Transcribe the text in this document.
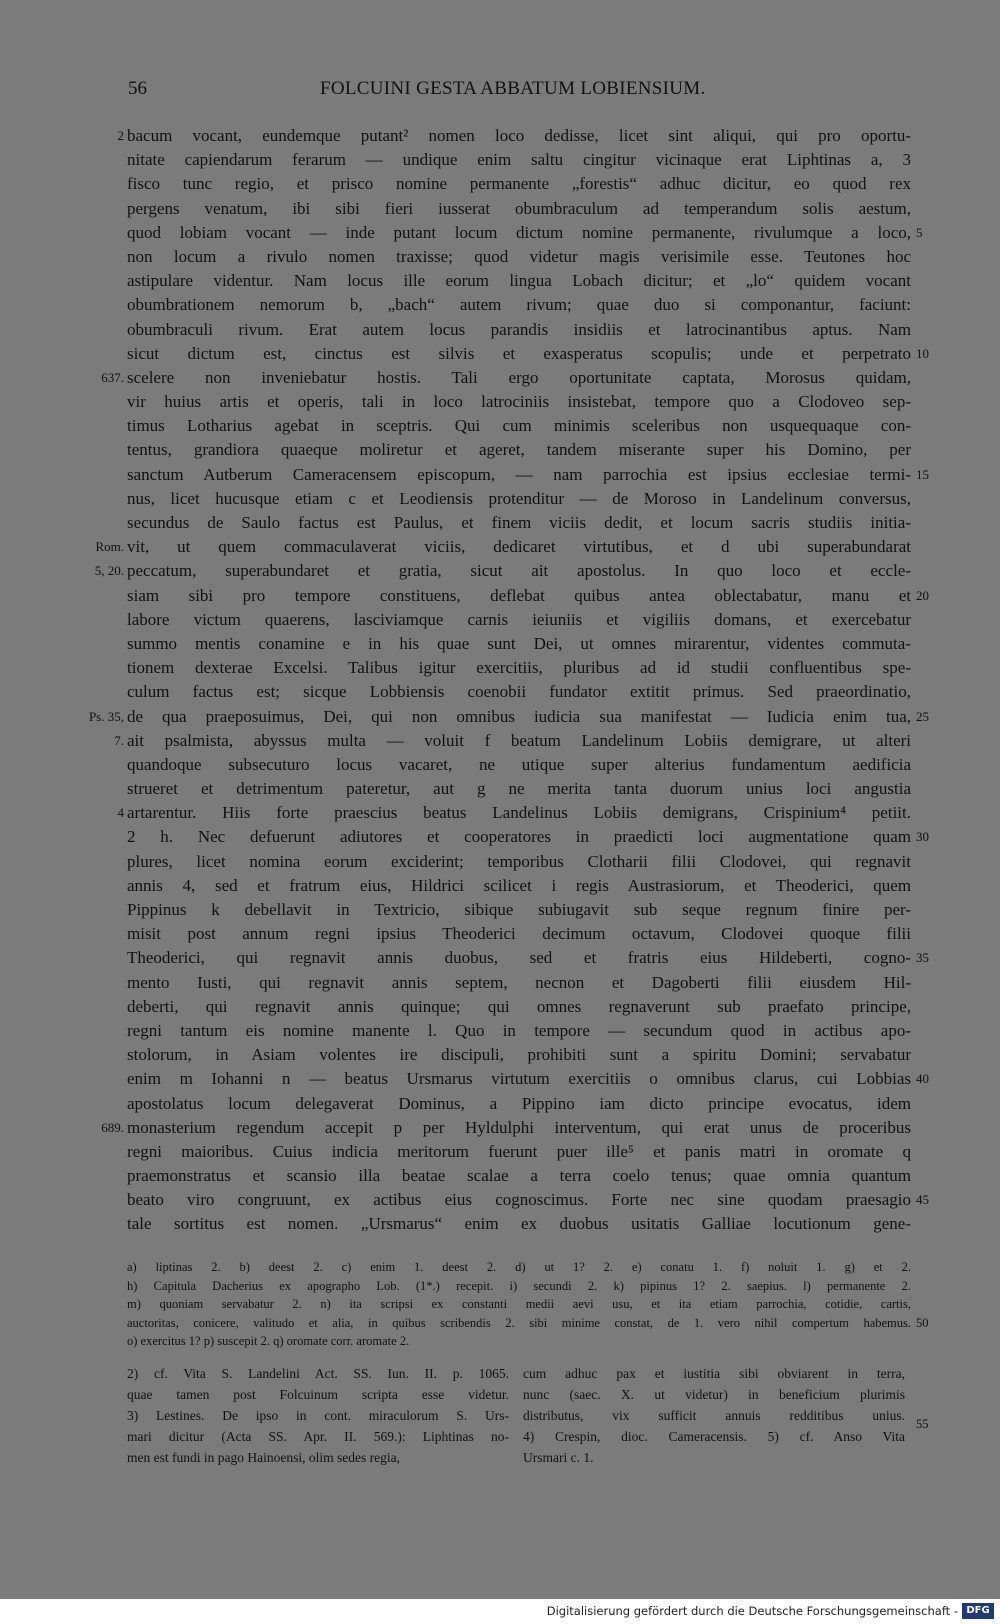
56	FOLCUINI GESTA ABBATUM LOBIENSIUM.
2 bacum vocant, eundemque putant² nomen loco dedisse, licet sint aliqui, qui pro oportu-
nitate capiendarum ferarum — undique enim saltu cingitur vicinaque erat Liphtinas a, 3
fisco tunc regio, et prisco nomine permanente „forestis“ adhuc dicitur, eo quod rex
pergens venatum, ibi sibi fieri iusserat obumbraculum ad temperandum solis aestum,
quod lobiam vocant — inde putant locum dictum nomine permanente, rivulumque a loco, 5
non locum a rivulo nomen traxisse; quod videtur magis verisimile esse. Teutones hoc
astipulare videntur. Nam locus ille eorum lingua Lobach dicitur; et „lo“ quidem vocant
obumbrationem nemorum b, „bach“ autem rivum; quae duo si componantur, faciunt:
obumbraculi rivum. Erat autem locus parandis insidiis et latrocinantibus aptus. Nam
sicut dictum est, cinctus est silvis et exasperatus scopulis; unde et perpetrato 10
637. scelere non inveniebatur hostis. Tali ergo oportunitate captata, Morosus quidam,
vir huius artis et operis, tali in loco latrociniis insistebat, tempore quo a Clodoveo sep-
timus Lotharius agebat in sceptris. Qui cum minimis sceleribus non usquequaque con-
tentus, grandiora quaeque moliretur et ageret, tandem miserante super his Domino, per
sanctum Autberum Cameracensem episcopum, — nam parrochia est ipsius ecclesiae termi- 15
nus, licet hucusque etiam c et Leodiensis protenditur — de Moroso in Landelinum conversus,
secundus de Saulo factus est Paulus, et finem viciis dedit, et locum sacris studiis initia-
Rom. vit, ut quem commaculaverat viciis, dedicaret virtutibus, et d ubi superabundarat
5, 20. peccatum, superabundaret et gratia, sicut ait apostolus. In quo loco et eccle-
siam sibi pro tempore constituens, deflebat quibus antea oblectabatur, manu et 20
labore victum quaerens, lasciviamque carnis ieiuniis et vigiliis domans, et exercebatur
summo mentis conamine e in his quae sunt Dei, ut omnes mirarentur, videntes commuta-
tionem dexterae Excelsi. Talibus igitur exercitiis, pluribus ad id studii confluentibus spe-
culum factus est; sicque Lobbiensis coenobii fundator extitit primus. Sed praeordinatio,
Ps. 35, de qua praeposuimus, Dei, qui non omnibus iudicia sua manifestat — Iudicia enim tua, 25
7. ait psalmista, abyssus multa — voluit f beatum Landelinum Lobiis demigrare, ut alteri
quandoque subsecuturo locus vacaret, ne utique super alterius fundamentum aedificia
strueret et detrimentum pateretur, aut g ne merita tanta duorum unius loci angustia
4 artarentur. Hiis forte praescius beatus Landelinus Lobiis demigrans, Crispinium⁴ petiit.
2 h. Nec defuerunt adiutores et cooperatores in praedicti loci augmentatione quam 30
plures, licet nomina eorum exciderint; temporibus Clotharii filii Clodovei, qui regnavit
annis 4, sed et fratrum eius, Hildrici scilicet i regis Austrasiorum, et Theoderici, quem
Pippinus k debellavit in Textricio, sibique subiugavit sub seque regnum finire per-
misit post annum regni ipsius Theoderici decimum octavum, Clodovei quoque filii
Theoderici, qui regnavit annis duobus, sed et fratris eius Hildeberti, cogno- 35
mento Iusti, qui regnavit annis septem, necnon et Dagoberti filii eiusdem Hil-
deberti, qui regnavit annis quinque; qui omnes regnaverunt sub praefato principe,
regni tantum eis nomine manente l. Quo in tempore — secundum quod in actibus apo-
stolorum, in Asiam volentes ire discipuli, prohibiti sunt a spiritu Domini; servabatur
enim m Iohanni n — beatus Ursmarus virtutum exercitiis o omnibus clarus, cui Lobbias 40
apostolatus locum delegaverat Dominus, a Pippino iam dicto principe evocatus, idem
689. monasterium regendum accepit p per Hyldulphi interventum, qui erat unus de proceribus
regni maioribus. Cuius indicia meritorum fuerunt puer ille⁵ et panis matri in oromate q
praemonstratus et scansio illa beatae scalae a terra coelo tenus; quae omnia quantum
beato viro congruunt, ex actibus eius cognoscimus. Forte nec sine quodam praesagio 45
tale sortitus est nomen. „Ursmarus“ enim ex duobus usitatis Galliae locutionum gene-
a) liptinas 2. b) deest 2. c) enim 1. deest 2. d) ut 1? 2. e) conatu 1. f) noluit 1. g) et 2.
h) Capitula Dacherius ex apographo Lob. (1*.) recepit. i) secundi 2. k) pipinus 1? 2. saepius. l) permanente 2.
m) quoniam servabatur 2. n) ita scripsi ex constanti medii aevi usu, et ita etiam parrochia, cotidie, cartis,
auctoritas, conicere, valitudo et alia, in quibus scribendis 2. sibi minime constat, de 1. vero nihil compertum habemus. 50
o) exercitus 1? p) suscepit 2. q) oromate corr. aromate 2.
2) cf. Vita S. Landelini Act. SS. Iun. II. p. 1065.
quae tamen post Folcuinum scripta esse videtur.
3) Lestines. De ipso in cont. miraculorum S. Urs-
mari dicitur (Acta SS. Apr. II. 569.): Liphtinas no-
men est fundi in pago Hainoensi, olim sedes regia,
cum adhuc pax et iustitia sibi obviarent in terra,
nunc (saec. X. ut videtur) in beneficium plurimis
distributus, vix sufficit annuis redditibus unius.
4) Crespin, dioc. Cameracensis. 5) cf. Anso Vita
Ursmari c. 1.
55
Digitalisierung gefördert durch die Deutsche Forschungsgemeinschaft - DFG
